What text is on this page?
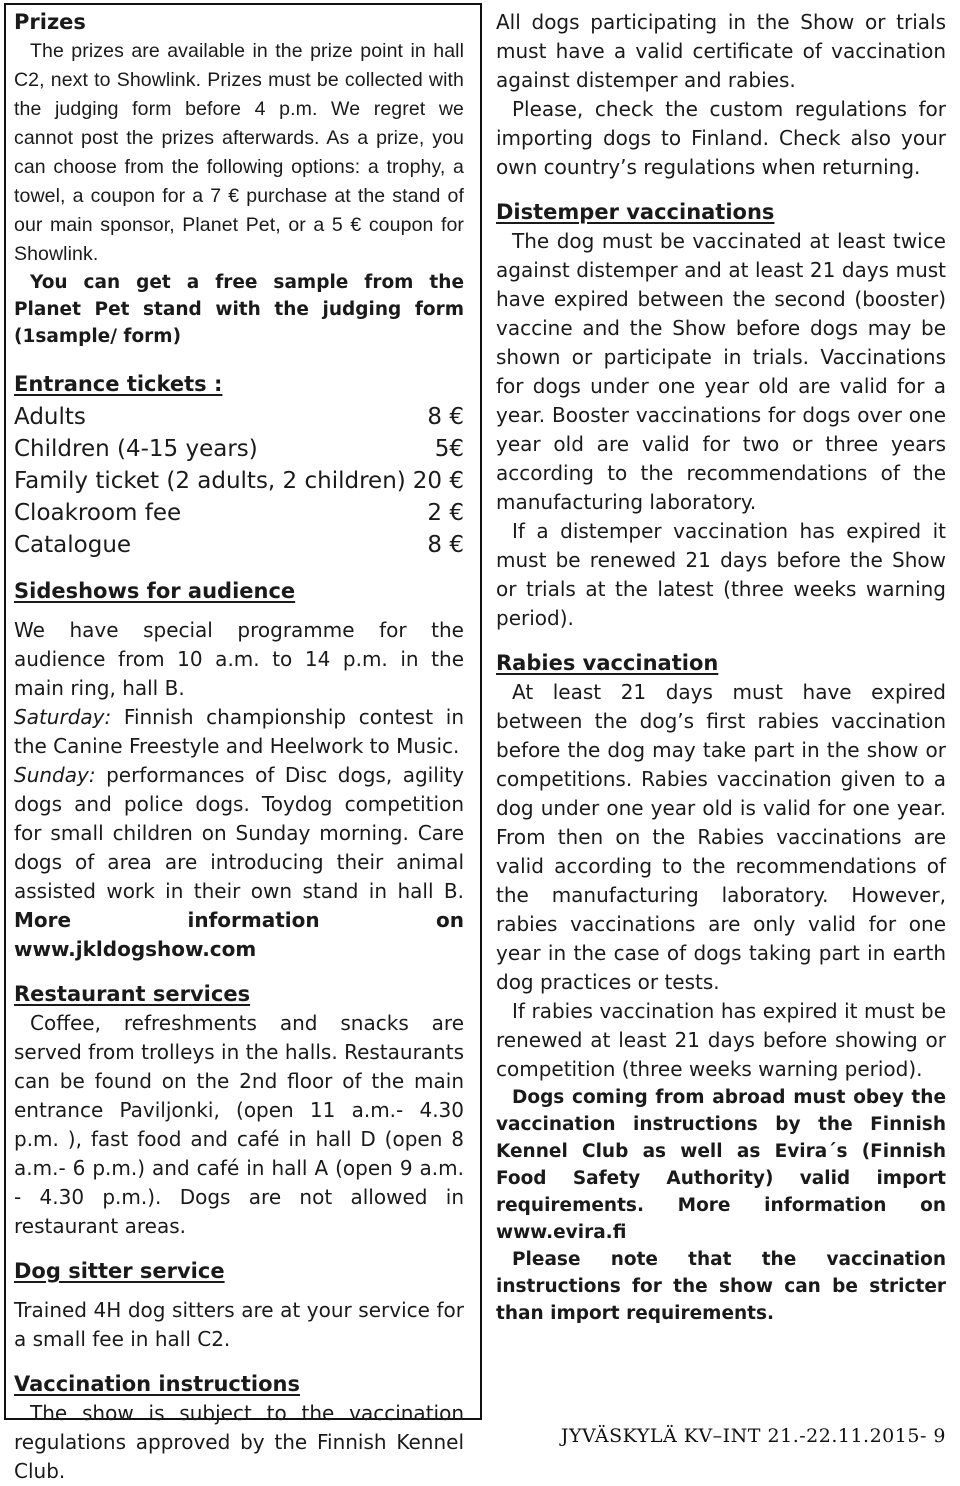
Prizes

The prizes are available in the prize point in hall C2, next to Showlink. Prizes must be collected with the judging form before 4 p.m. We regret we cannot post the prizes afterwards. As a prize, you can choose from the following options: a trophy, a towel, a coupon for a 7 € purchase at the stand of our main sponsor, Planet Pet, or a 5 € coupon for Showlink.

You can get a free sample from the Planet Pet stand with the judging form (1sample/ form)

Entrance tickets :

Adults	8 €
Children (4-15 years)	5€
Family ticket (2 adults, 2 children) 20 €
Cloakroom fee	2 €
Catalogue	8 €

Sideshows for audience

We have special programme for the audience from 10 a.m. to 14 p.m. in the main ring, hall B.

Saturday: Finnish championship contest in the Canine Freestyle and Heelwork to Music.

Sunday: performances of Disc dogs, agility dogs and police dogs. Toydog competition for small children on Sunday morning. Care dogs of area are introducing their animal assisted work in their own stand in hall B. More information on www.jkldogshow.com

Restaurant services

Coffee, refreshments and snacks are served from trolleys in the halls. Restaurants can be found on the 2nd floor of the main entrance Paviljonki, (open 11 a.m.- 4.30 p.m. ), fast food and café in hall D (open 8 a.m.- 6 p.m.) and café in hall A (open 9 a.m. - 4.30 p.m.). Dogs are not allowed in restaurant areas.

Dog sitter service

Trained 4H dog sitters are at your service for a small fee in hall C2.

Vaccination instructions

The show is subject to the vaccination regulations approved by the Finnish Kennel Club.

All dogs participating in the Show or trials must have a valid certificate of vaccination against distemper and rabies.

Please, check the custom regulations for importing dogs to Finland. Check also your own country’s regulations when returning.

Distemper vaccinations

The dog must be vaccinated at least twice against distemper and at least 21 days must have expired between the second (booster) vaccine and the Show before dogs may be shown or participate in trials. Vaccinations for dogs under one year old are valid for a year. Booster vaccinations for dogs over one year old are valid for two or three years according to the recommendations of the manufacturing laboratory.

If a distemper vaccination has expired it must be renewed 21 days before the Show or trials at the latest (three weeks warning period).

Rabies vaccination

At least 21 days must have expired between the dog’s first rabies vaccination before the dog may take part in the show or competitions. Rabies vaccination given to a dog under one year old is valid for one year. From then on the Rabies vaccinations are valid according to the recommendations of the manufacturing laboratory. However, rabies vaccinations are only valid for one year in the case of dogs taking part in earth dog practices or tests.

If rabies vaccination has expired it must be renewed at least 21 days before showing or competition (three weeks warning period).

Dogs coming from abroad must obey the vaccination instructions by the Finnish Kennel Club as well as Evira´s (Finnish Food Safety Authority) valid import requirements. More information on www.evira.fi

Please note that the vaccination instructions for the show can be stricter than import requirements.

JYVÄSKYLÄ KV–INT 21.-22.11.2015- 9
